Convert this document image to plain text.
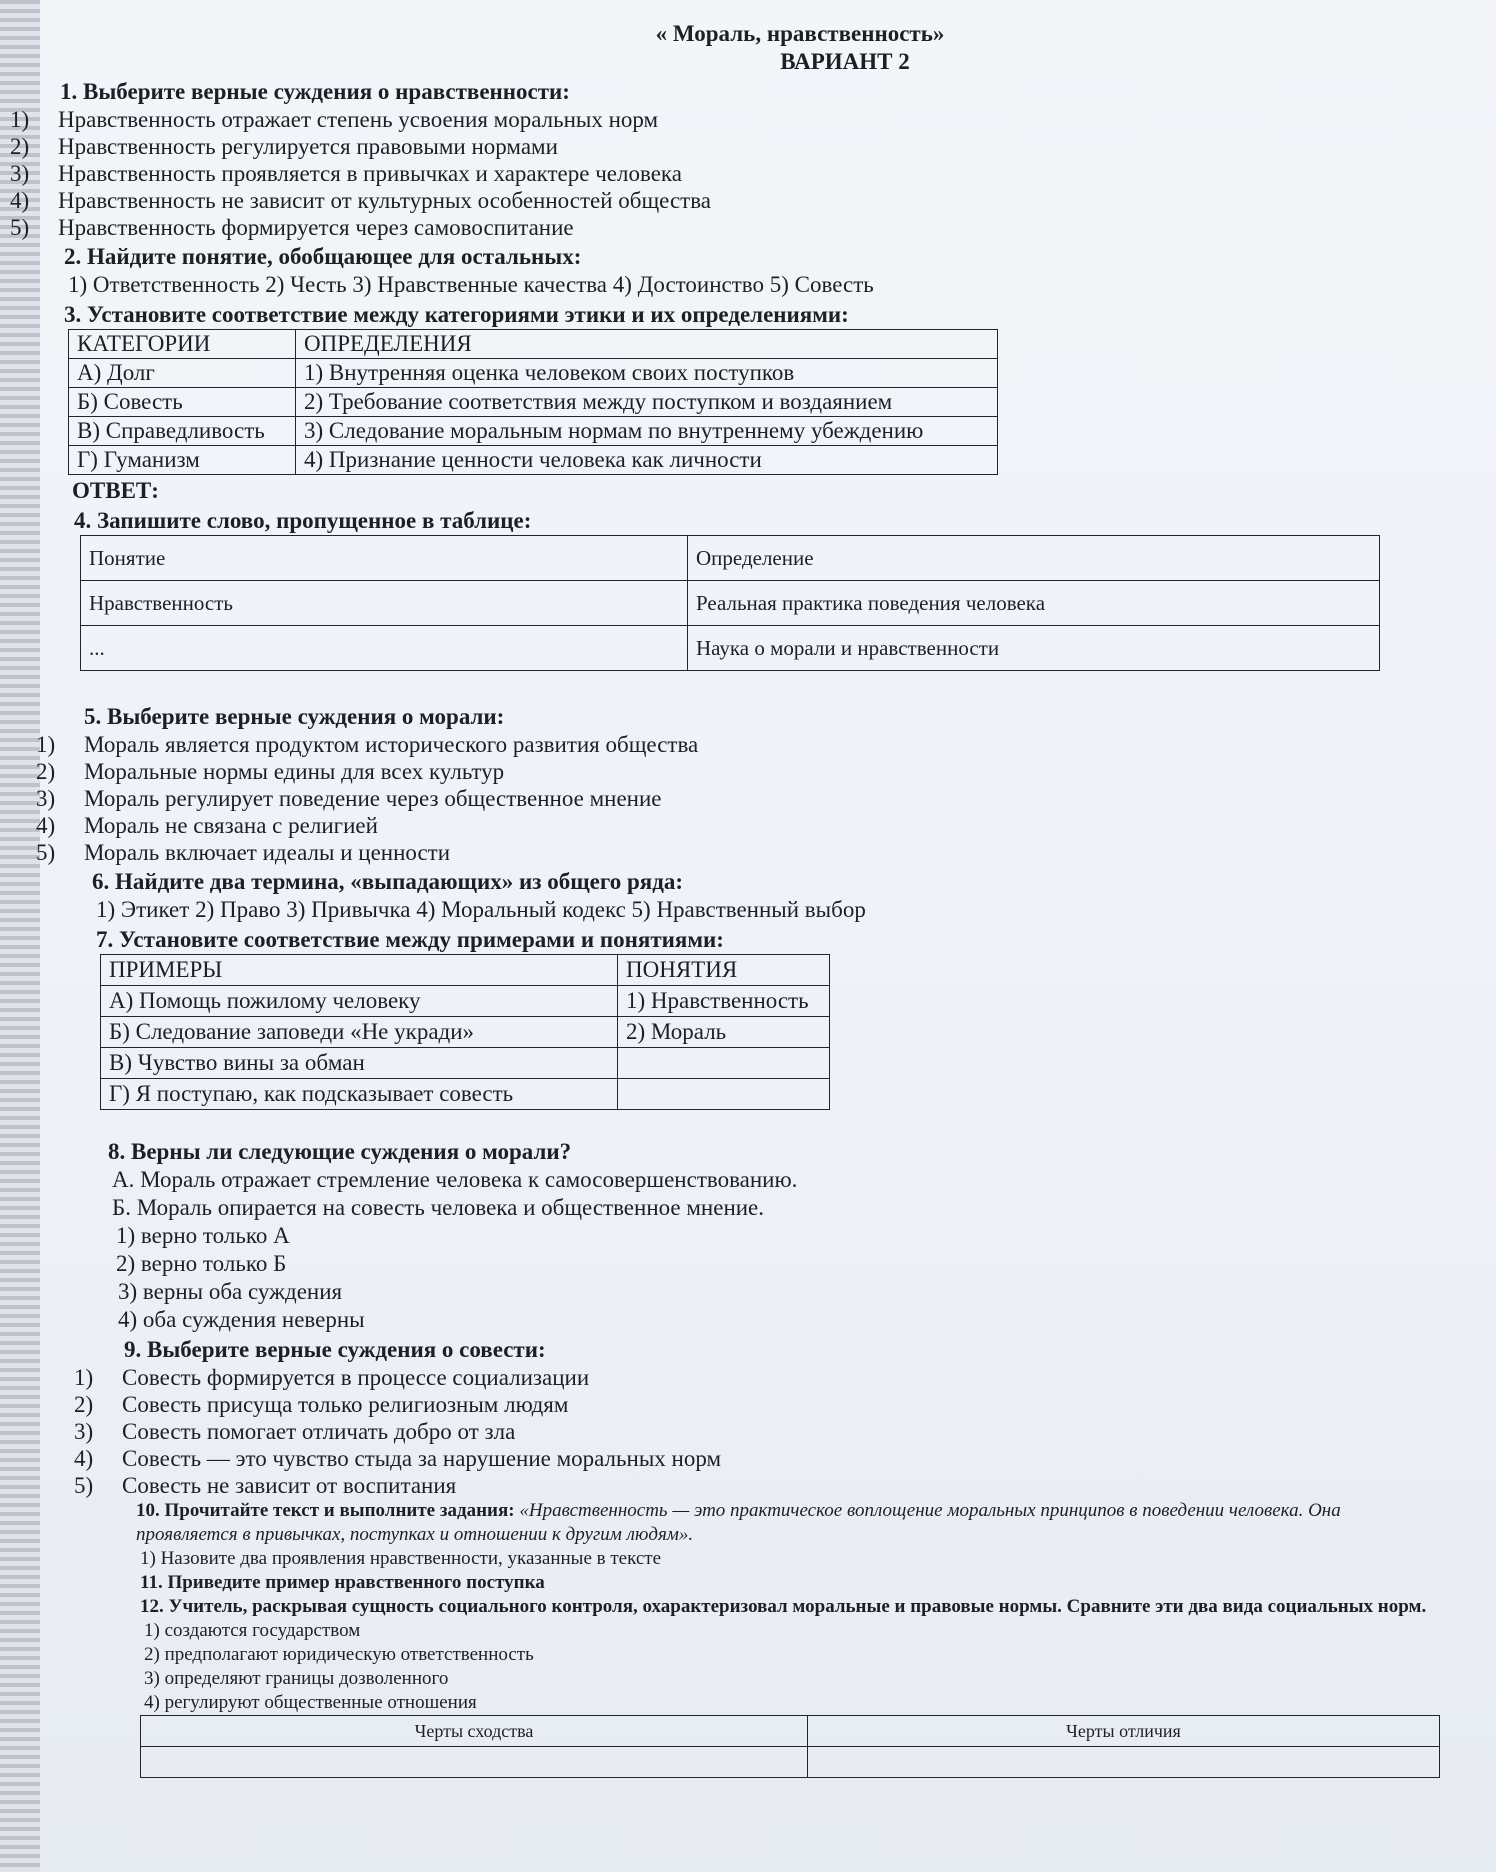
« Мораль, нравственность»
ВАРИАНТ 2
1. Выберите верные суждения о нравственности:
1)	Нравственность отражает степень усвоения моральных норм
2)	Нравственность регулируется правовыми нормами
3)	Нравственность проявляется в привычках и характере человека
4)	Нравственность не зависит от культурных особенностей общества
5)	Нравственность формируется через самовоспитание
2. Найдите понятие, обобщающее для остальных:
1) Ответственность 2) Честь 3) Нравственные качества 4) Достоинство 5) Совесть
3. Установите соответствие между категориями этики и их определениями:
КАТЕГОРИИ	ОПРЕДЕЛЕНИЯ
А) Долг	1) Внутренняя оценка человеком своих поступков
Б) Совесть	2) Требование соответствия между поступком и воздаянием
В) Справедливость	3) Следование моральным нормам по внутреннему убеждению
Г) Гуманизм	4) Признание ценности человека как личности
ОТВЕТ:
4. Запишите слово, пропущенное в таблице:
Понятие	Определение
Нравственность	Реальная практика поведения человека
...	Наука о морали и нравственности
5. Выберите верные суждения о морали:
1)	Мораль является продуктом исторического развития общества
2)	Моральные нормы едины для всех культур
3)	Мораль регулирует поведение через общественное мнение
4)	Мораль не связана с религией
5)	Мораль включает идеалы и ценности
6. Найдите два термина, «выпадающих» из общего ряда:
1) Этикет 2) Право 3) Привычка 4) Моральный кодекс 5) Нравственный выбор
7. Установите соответствие между примерами и понятиями:
ПРИМЕРЫ	ПОНЯТИЯ
А) Помощь пожилому человеку	1) Нравственность
Б) Следование заповеди «Не укради»	2) Мораль
В) Чувство вины за обман	
Г) Я поступаю, как подсказывает совесть	
8. Верны ли следующие суждения о морали?
А. Мораль отражает стремление человека к самосовершенствованию.
Б. Мораль опирается на совесть человека и общественное мнение.
1) верно только А
2) верно только Б
3) верны оба суждения
4) оба суждения неверны
9. Выберите верные суждения о совести:
1)	Совесть формируется в процессе социализации
2)	Совесть присуща только религиозным людям
3)	Совесть помогает отличать добро от зла
4)	Совесть — это чувство стыда за нарушение моральных норм
5)	Совесть не зависит от воспитания
10. Прочитайте текст и выполните задания: «Нравственность — это практическое воплощение моральных принципов в поведении человека. Она проявляется в привычках, поступках и отношении к другим людям».
1) Назовите два проявления нравственности, указанные в тексте
11. Приведите пример нравственного поступка
12. Учитель, раскрывая сущность социального контроля, охарактеризовал моральные и правовые нормы. Сравните эти два вида социальных норм.
1) создаются государством
2) предполагают юридическую ответственность
3) определяют границы дозволенного
4) регулируют общественные отношения
Черты сходства	Черты отличия
